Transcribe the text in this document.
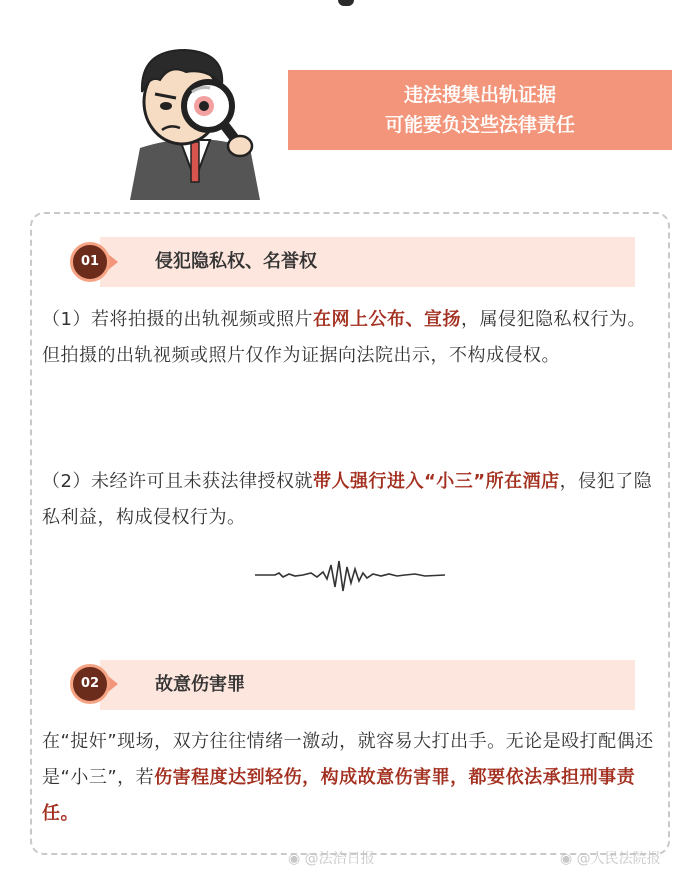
违法搜集出轨证据
可能要负这些法律责任
侵犯隐私权、名誉权
01
（1）若将拍摄的出轨视频或照片在网上公布、宣扬，属侵犯隐私权行为。但拍摄的出轨视频或照片仅作为证据向法院出示，不构成侵权。
（2）未经许可且未获法律授权就带人强行进入“小三”所在酒店，侵犯了隐私利益，构成侵权行为。
故意伤害罪
02
在“捉奸”现场，双方往往情绪一激动，就容易大打出手。无论是殴打配偶还是“小三”，若伤害程度达到轻伤，构成故意伤害罪，都要依法承担刑事责任。
◉ @法治日报	◉ @人民法院报
